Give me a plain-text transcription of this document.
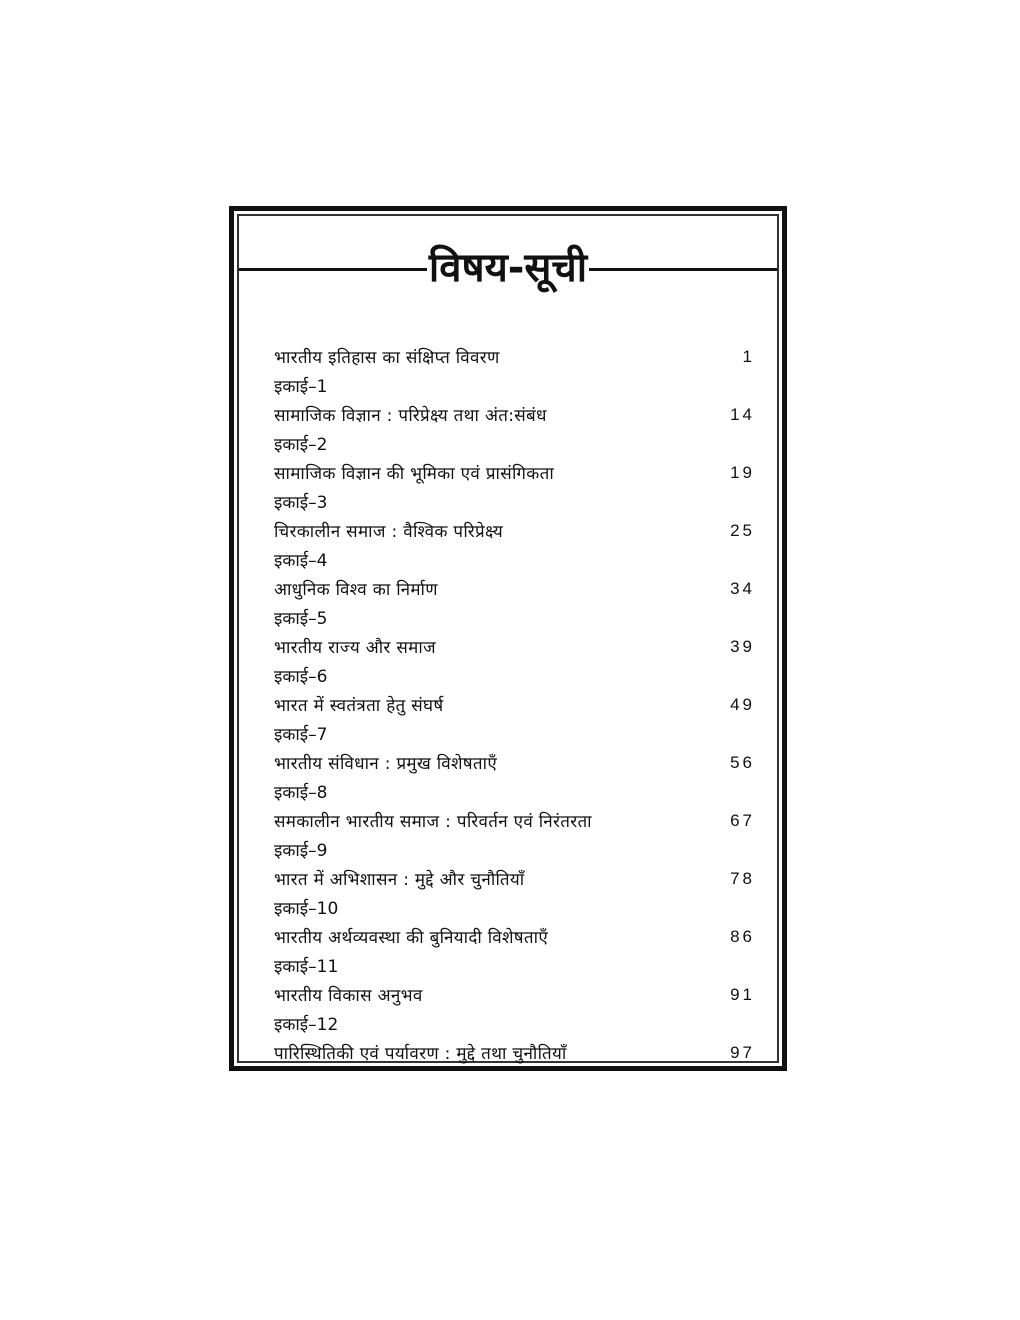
विषय-सूची
भारतीय इतिहास का संक्षिप्त विवरण	1
इकाई–1
सामाजिक विज्ञान : परिप्रेक्ष्य तथा अंत:संबंध	14
इकाई–2
सामाजिक विज्ञान की भूमिका एवं प्रासंगिकता	19
इकाई–3
चिरकालीन समाज : वैश्विक परिप्रेक्ष्य	25
इकाई–4
आधुनिक विश्व का निर्माण	34
इकाई–5
भारतीय राज्य और समाज	39
इकाई–6
भारत में स्वतंत्रता हेतु संघर्ष	49
इकाई–7
भारतीय संविधान : प्रमुख विशेषताएँ	56
इकाई–8
समकालीन भारतीय समाज : परिवर्तन एवं निरंतरता	67
इकाई–9
भारत में अभिशासन : मुद्दे और चुनौतियाँ	78
इकाई–10
भारतीय अर्थव्यवस्था की बुनियादी विशेषताएँ	86
इकाई–11
भारतीय विकास अनुभव	91
इकाई–12
पारिस्थितिकी एवं पर्यावरण : मुद्दे तथा चुनौतियाँ	97
